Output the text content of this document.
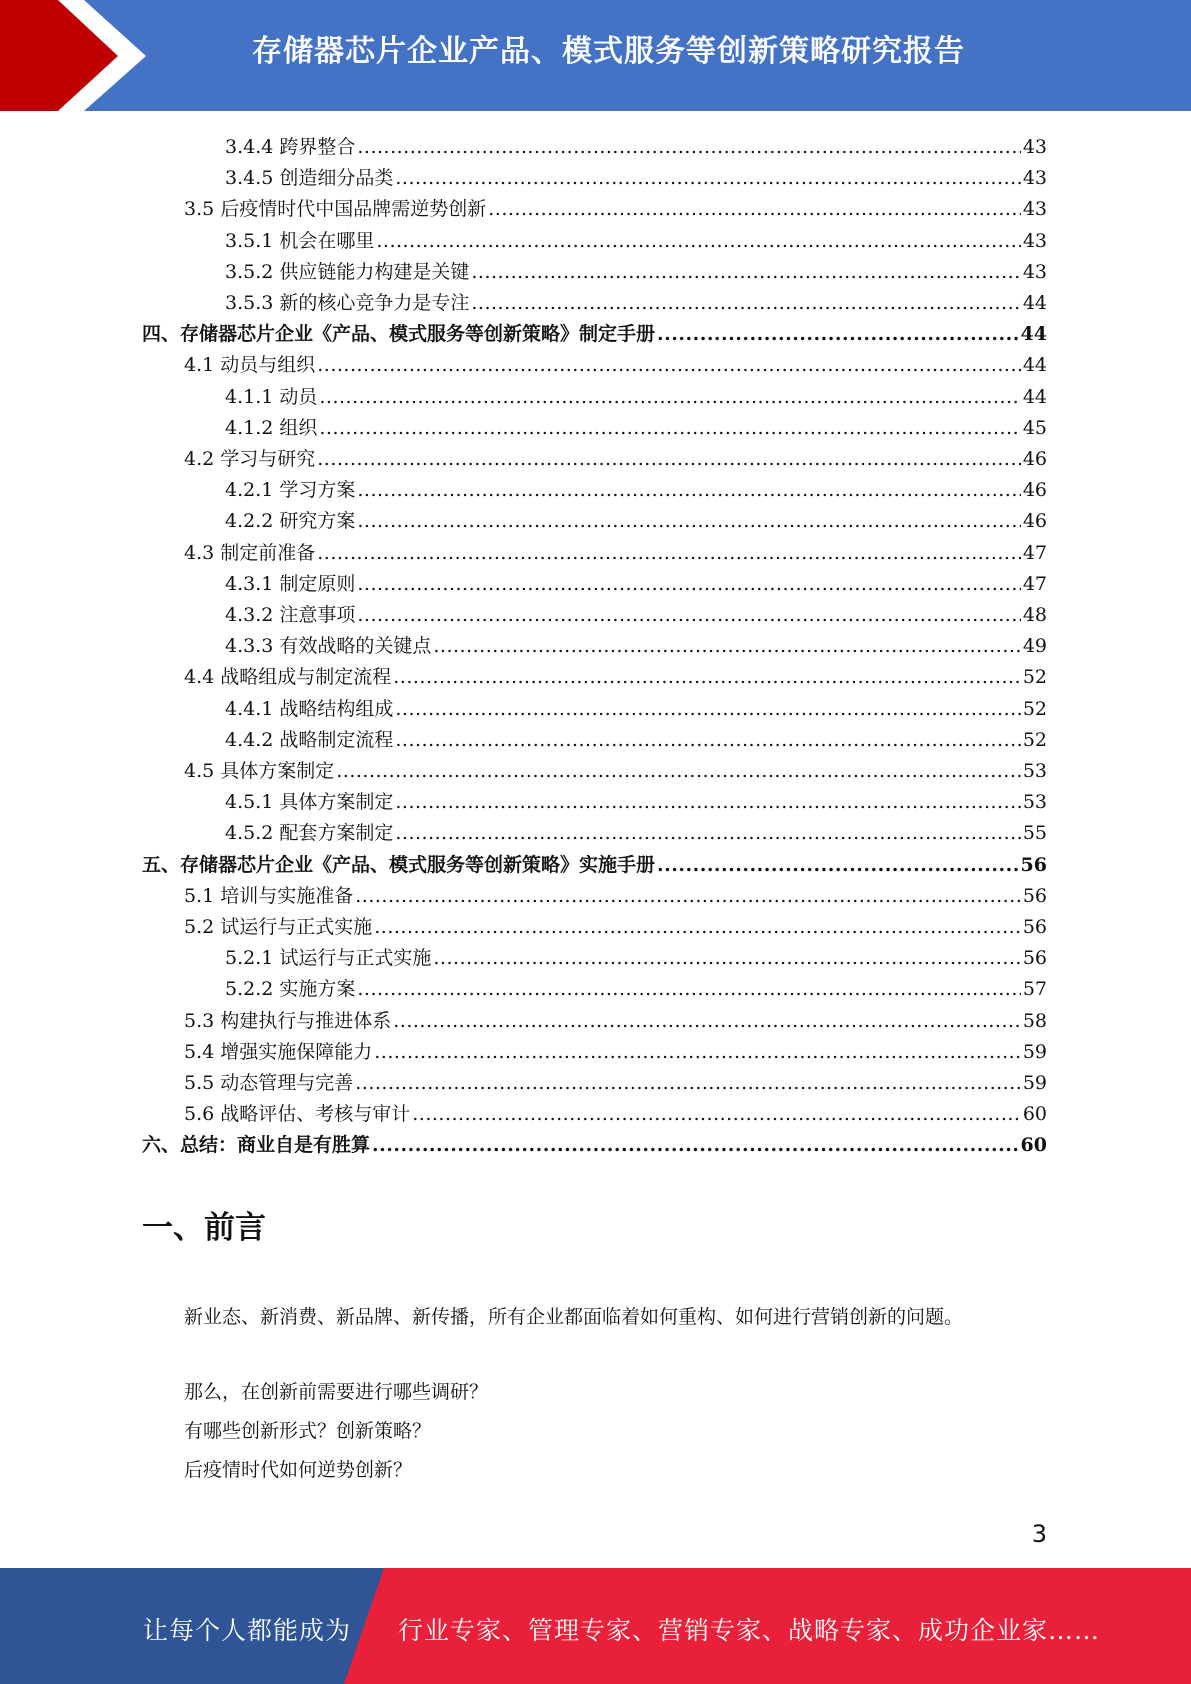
存储器芯片企业产品、模式服务等创新策略研究报告
3.4.4 跨界整合 .....	43
3.4.5 创造细分品类 .....	43
3.5 后疫情时代中国品牌需逆势创新 .....	43
3.5.1 机会在哪里 .....	43
3.5.2 供应链能力构建是关键 .....	43
3.5.3 新的核心竞争力是专注 .....	44
四、存储器芯片企业《产品、模式服务等创新策略》制定手册 .....	44
4.1 动员与组织 .....	44
4.1.1 动员 .....	44
4.1.2 组织 .....	45
4.2 学习与研究 .....	46
4.2.1 学习方案 .....	46
4.2.2 研究方案 .....	46
4.3 制定前准备 .....	47
4.3.1 制定原则 .....	47
4.3.2 注意事项 .....	48
4.3.3 有效战略的关键点 .....	49
4.4 战略组成与制定流程 .....	52
4.4.1 战略结构组成 .....	52
4.4.2 战略制定流程 .....	52
4.5 具体方案制定 .....	53
4.5.1 具体方案制定 .....	53
4.5.2 配套方案制定 .....	55
五、存储器芯片企业《产品、模式服务等创新策略》实施手册 .....	56
5.1 培训与实施准备 .....	56
5.2 试运行与正式实施 .....	56
5.2.1 试运行与正式实施 .....	56
5.2.2 实施方案 .....	57
5.3 构建执行与推进体系 .....	58
5.4 增强实施保障能力 .....	59
5.5 动态管理与完善 .....	59
5.6 战略评估、考核与审计 .....	60
六、总结：商业自是有胜算 .....	60
一、前言
新业态、新消费、新品牌、新传播，所有企业都面临着如何重构、如何进行营销创新的问题。
那么，在创新前需要进行哪些调研？
有哪些创新形式？创新策略？
后疫情时代如何逆势创新？
3
让每个人都能成为 行业专家、管理专家、营销专家、战略专家、成功企业家……
